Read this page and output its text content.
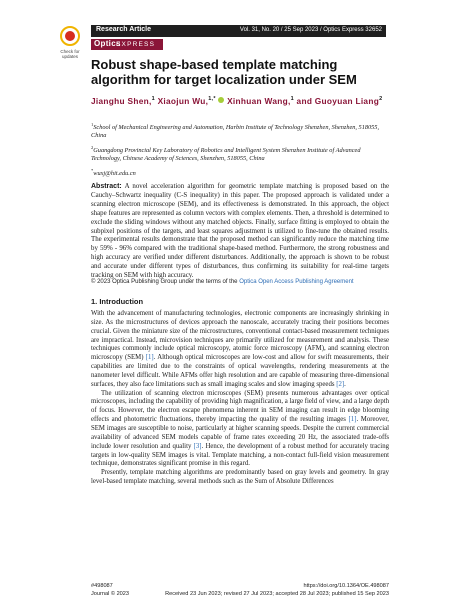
Check for updates
Research Article	Vol. 31, No. 20 / 25 Sep 2023 / Optics Express 32652
Optics
EXPRESS
Robust shape-based template matching algorithm for target localization under SEM
Jianghu Shen,$^1$ Xiaojun Wu,$^{1,*}$ Xinhuan Wang,$^1$ and Guoyuan Liang$^2$
$^1$School of Mechanical Engineering and Automation, Harbin Institute of Technology Shenzhen, Shenzhen, 518055, China
$^2$Guangdong Provincial Key Laboratory of Robotics and Intelligent System Shenzhen Institute of Advanced Technology, Chinese Academy of Sciences, Shenzhen, 518055, China
*wuxj@hit.edu.cn
Abstract: A novel acceleration algorithm for geometric template matching is proposed based on the Cauchy–Schwartz inequality (C-S inequality) in this paper. The proposed approach is validated under a scanning electron microscope (SEM), and its effectiveness is demonstrated. In this approach, the object shape features are represented as column vectors with complex elements. Then, a threshold is determined to exclude the sliding windows without any matched objects. Finally, surface fitting is employed to obtain the subpixel positions of the targets, and least squares adjustment is utilized to fine-tune the obtained results. The experimental results demonstrate that the proposed method can significantly reduce the matching time by 59% - 96% compared with the traditional shape-based method. Furthermore, the strong robustness and high accuracy are verified under different disturbances. Additionally, the approach is shown to be robust and accurate under different types of disturbances, thus confirming its suitability for real-time targets tracking on SEM with high accuracy.
© 2023 Optica Publishing Group under the terms of the Optica Open Access Publishing Agreement
1. Introduction

With the advancement of manufacturing technologies, electronic components are increasingly shrinking in size. As the microstructures of devices approach the nanoscale, accurately tracing their positions becomes crucial. Given the miniature size of the microstructures, conventional contact-based measurement techniques are impractical. Instead, microvision techniques are primarily utilized for measurement and analysis. These techniques commonly include optical microscopy, atomic force microscopy (AFM), and scanning electron microscopy (SEM) [1]. Although optical microscopes are low-cost and allow for swift measurements, their capabilities are limited due to the constraints of optical wavelengths, rendering measurements at the nanometer level difficult. While AFMs offer high resolution and are capable of measuring three-dimensional surfaces, they also face limitations such as small imaging scales and slow imaging speeds [2].

The utilization of scanning electron microscopes (SEM) presents numerous advantages over optical microscopes, including the capability of providing high magnification, a large field of view, and a large depth of focus. However, the electron escape phenomena inherent in SEM imaging can result in edge blooming effects and photometric fluctuations, thereby impacting the quality of the resulting images [1]. Moreover, SEM images are susceptible to noise, particularly at higher scanning speeds. Despite the current commercial availability of advanced SEM models capable of frame rates exceeding 20 Hz, the associated trade-offs include lower resolution and quality [3]. Hence, the development of a robust method for accurately tracing targets in low-quality SEM images is vital. Template matching, a non-contact full-field vision measurement technique, demonstrates significant promise in this regard.

Presently, template matching algorithms are predominantly based on gray levels and geometry. In gray level-based template matching, several methods such as the Sum of Absolute Differences

#498087
Journal © 2023
https://doi.org/10.1364/OE.498087
Received 23 Jun 2023; revised 27 Jul 2023; accepted 28 Jul 2023; published 15 Sep 2023
